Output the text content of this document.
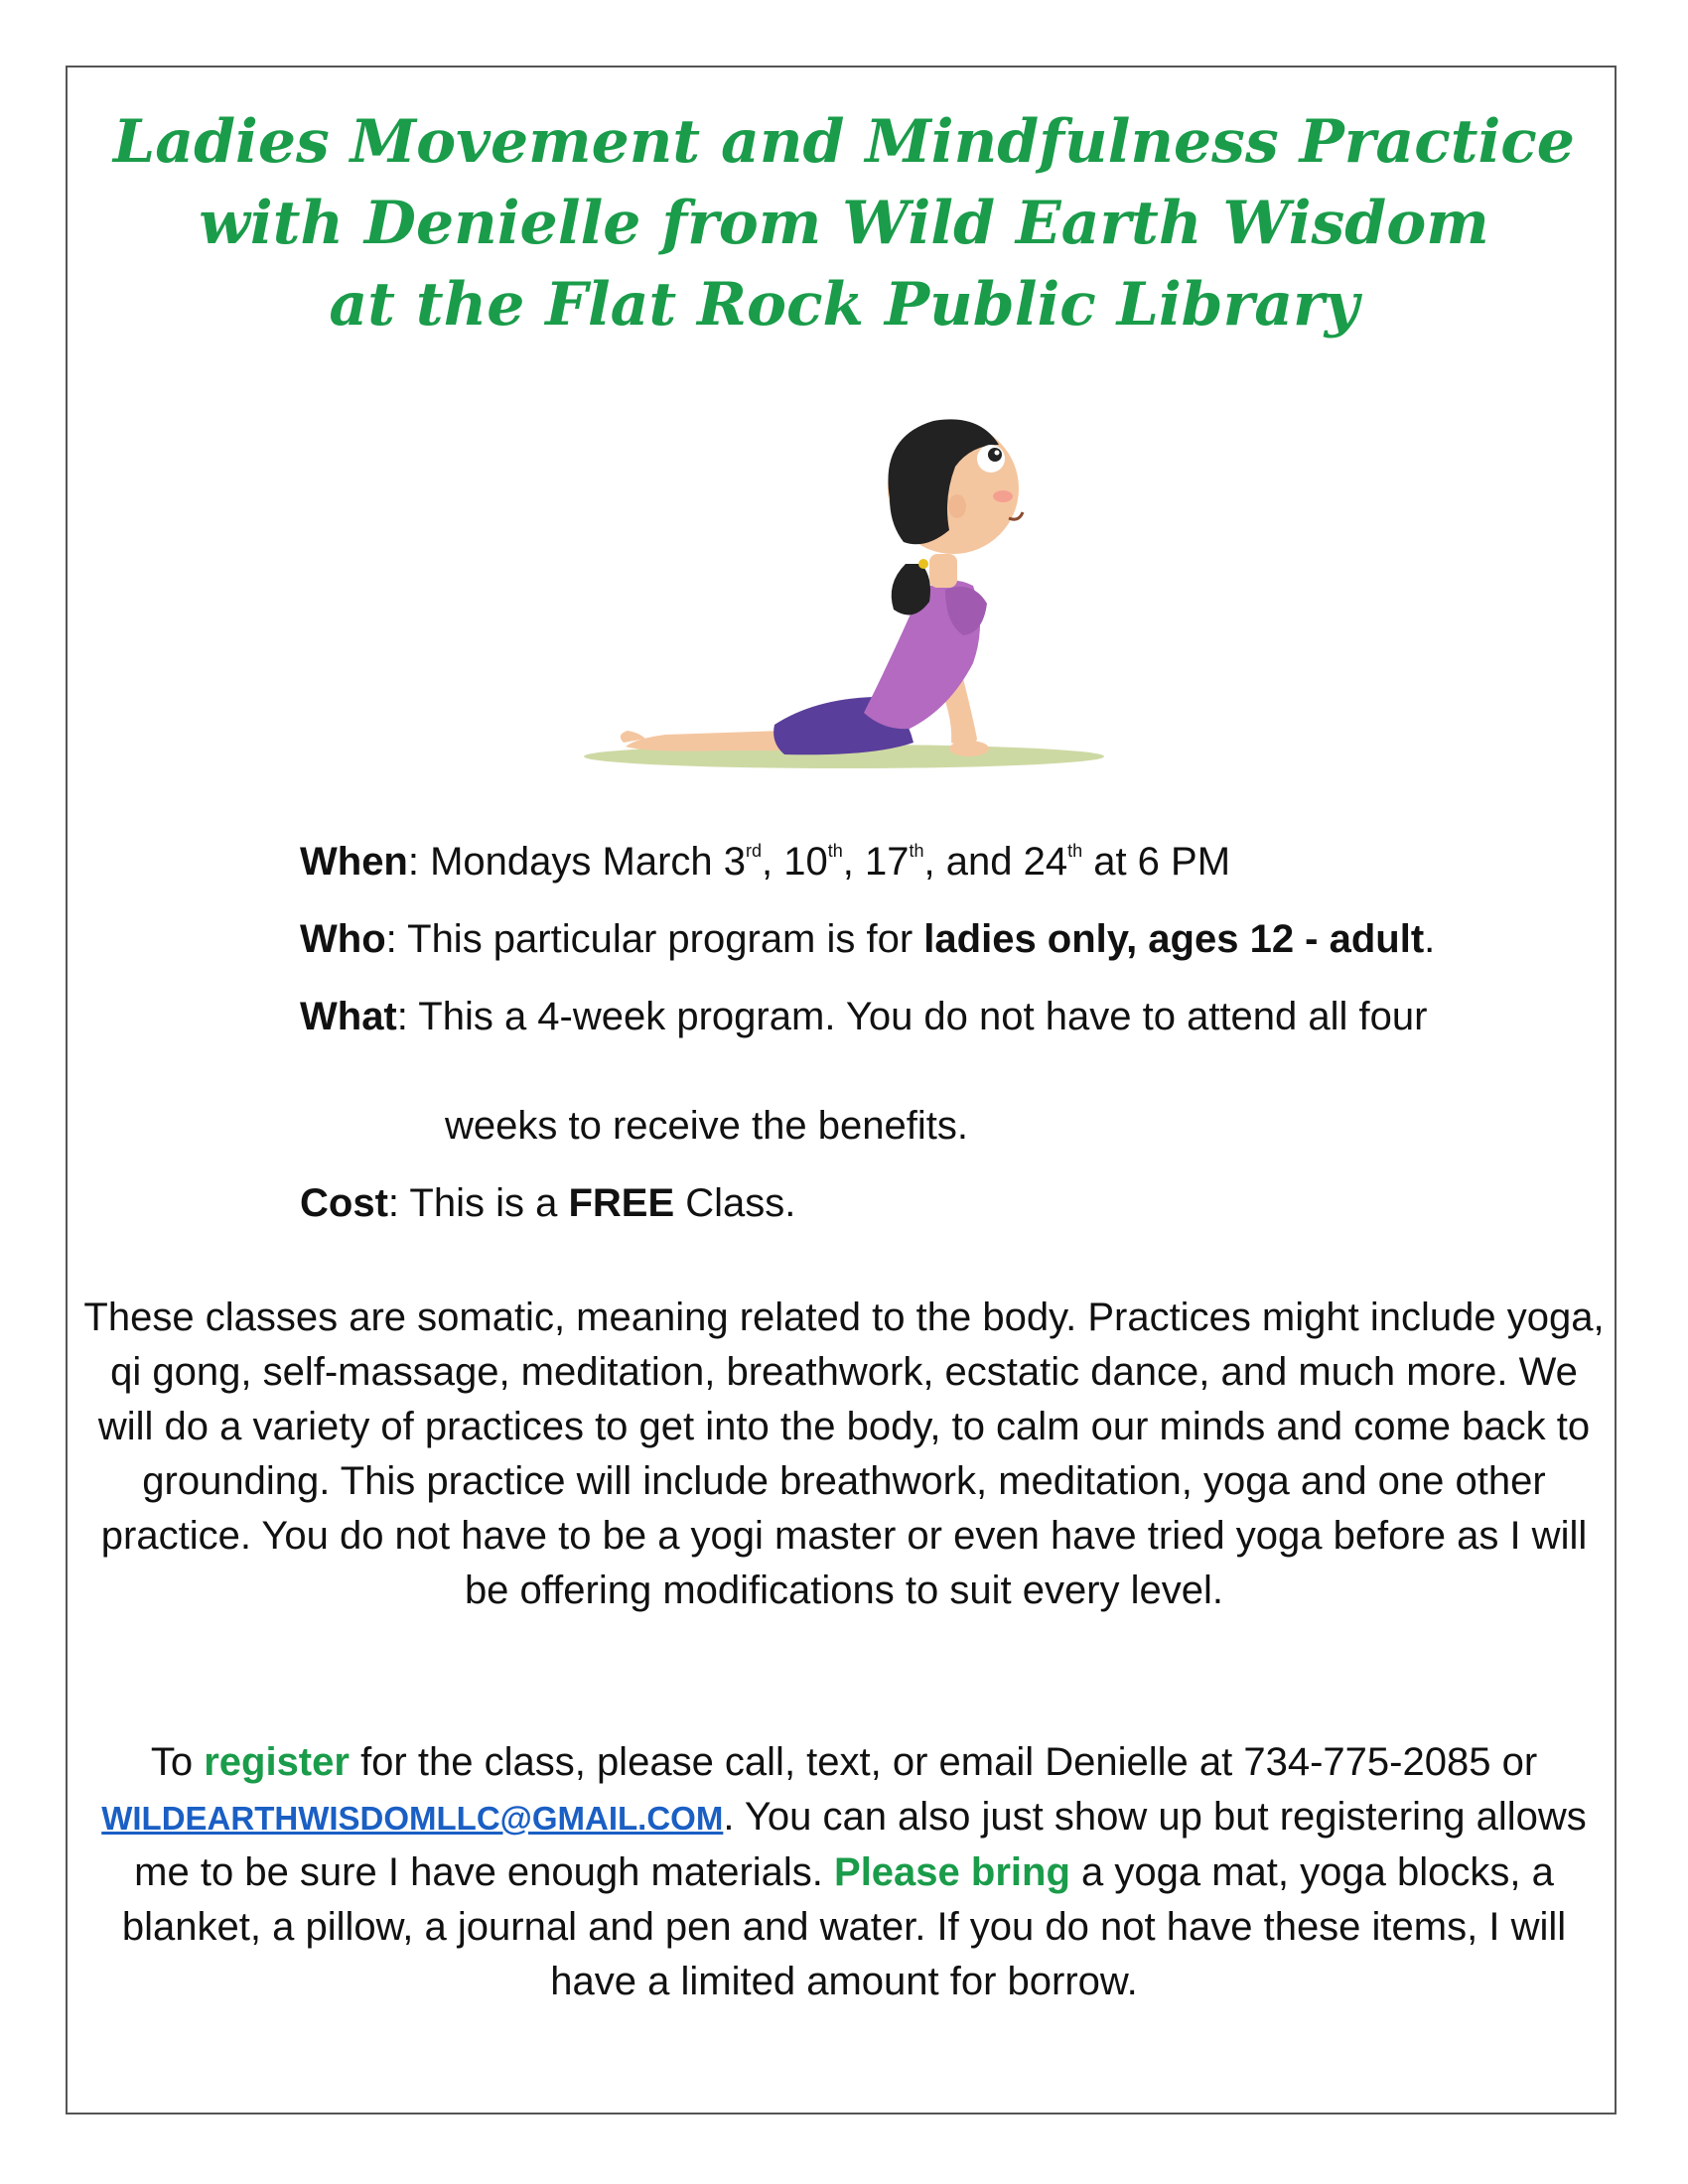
Ladies Movement and Mindfulness Practice
with Denielle from Wild Earth Wisdom
at the Flat Rock Public Library
When: Mondays March 3rd, 10th, 17th, and 24th at 6 PM
Who: This particular program is for ladies only, ages 12 - adult.
What: This a 4-week program. You do not have to attend all four
weeks to receive the benefits.
Cost: This is a FREE Class.

These classes are somatic, meaning related to the body. Practices might include yoga, qi gong, self-massage, meditation, breathwork, ecstatic dance, and much more. We will do a variety of practices to get into the body, to calm our minds and come back to grounding. This practice will include breathwork, meditation, yoga and one other practice. You do not have to be a yogi master or even have tried yoga before as I will be offering modifications to suit every level.

To register for the class, please call, text, or email Denielle at 734-775-2085 or WILDEARTHWISDOMLLC@GMAIL.COM. You can also just show up but registering allows me to be sure I have enough materials. Please bring a yoga mat, yoga blocks, a blanket, a pillow, a journal and pen and water. If you do not have these items, I will have a limited amount for borrow.
